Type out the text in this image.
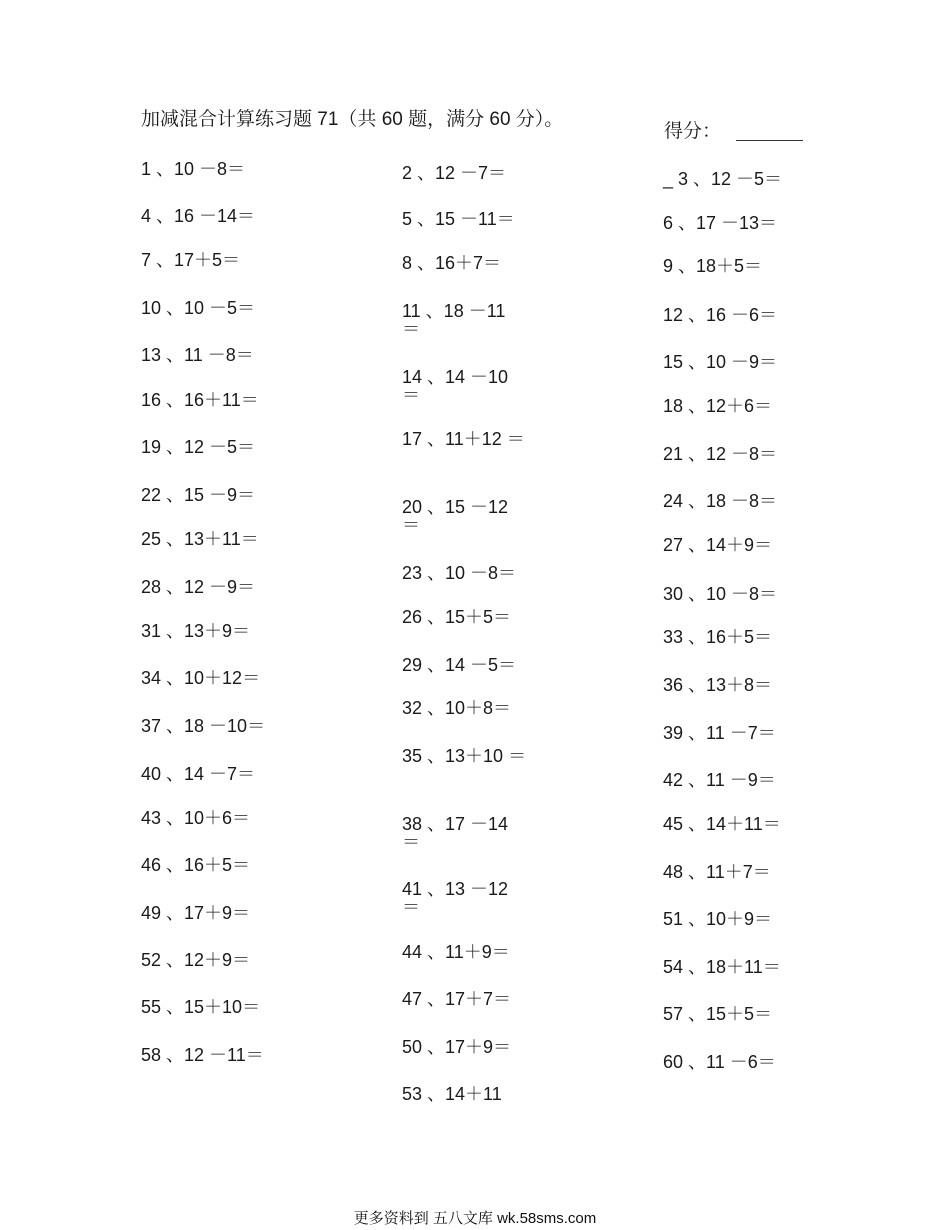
加减混合计算练习题 71（共 60 题，满分 60 分）。
得分：
1 、10 －8＝
4 、16 －14＝
7 、17＋5＝
10 、10 －5＝
13 、11 －8＝
16 、16＋11＝
19 、12 －5＝
22 、15 －9＝
25 、13＋11＝
28 、12 －9＝
31 、13＋9＝
34 、10＋12＝
37 、18 －10＝
40 、14 －7＝
43 、10＋6＝
46 、16＋5＝
49 、17＋9＝
52 、12＋9＝
55 、15＋10＝
58 、12 －11＝
2 、12 －7＝
5 、15 －11＝
8 、16＋7＝
11 、18 －11 ＝
14 、14 －10 ＝
17 、11＋12 ＝
20 、15 －12 ＝
23 、10 －8＝
26 、15＋5＝
29 、14 －5＝
32 、10＋8＝
35 、13＋10 ＝
38 、17 －14 ＝
41 、13 －12 ＝
44 、11＋9＝
47 、17＋7＝
50 、17＋9＝
53 、14＋11
_ 3 、12 －5＝
6 、17 －13＝
9 、18＋5＝
12 、16 －6＝
15 、10 －9＝
18 、12＋6＝
21 、12 －8＝
24 、18 －8＝
27 、14＋9＝
30 、10 －8＝
33 、16＋5＝
36 、13＋8＝
39 、11 －7＝
42 、11 －9＝
45 、14＋11＝
48 、11＋7＝
51 、10＋9＝
54 、18＋11＝
57 、15＋5＝
60 、11 －6＝
更多资料到 五八文库 wk.58sms.com
